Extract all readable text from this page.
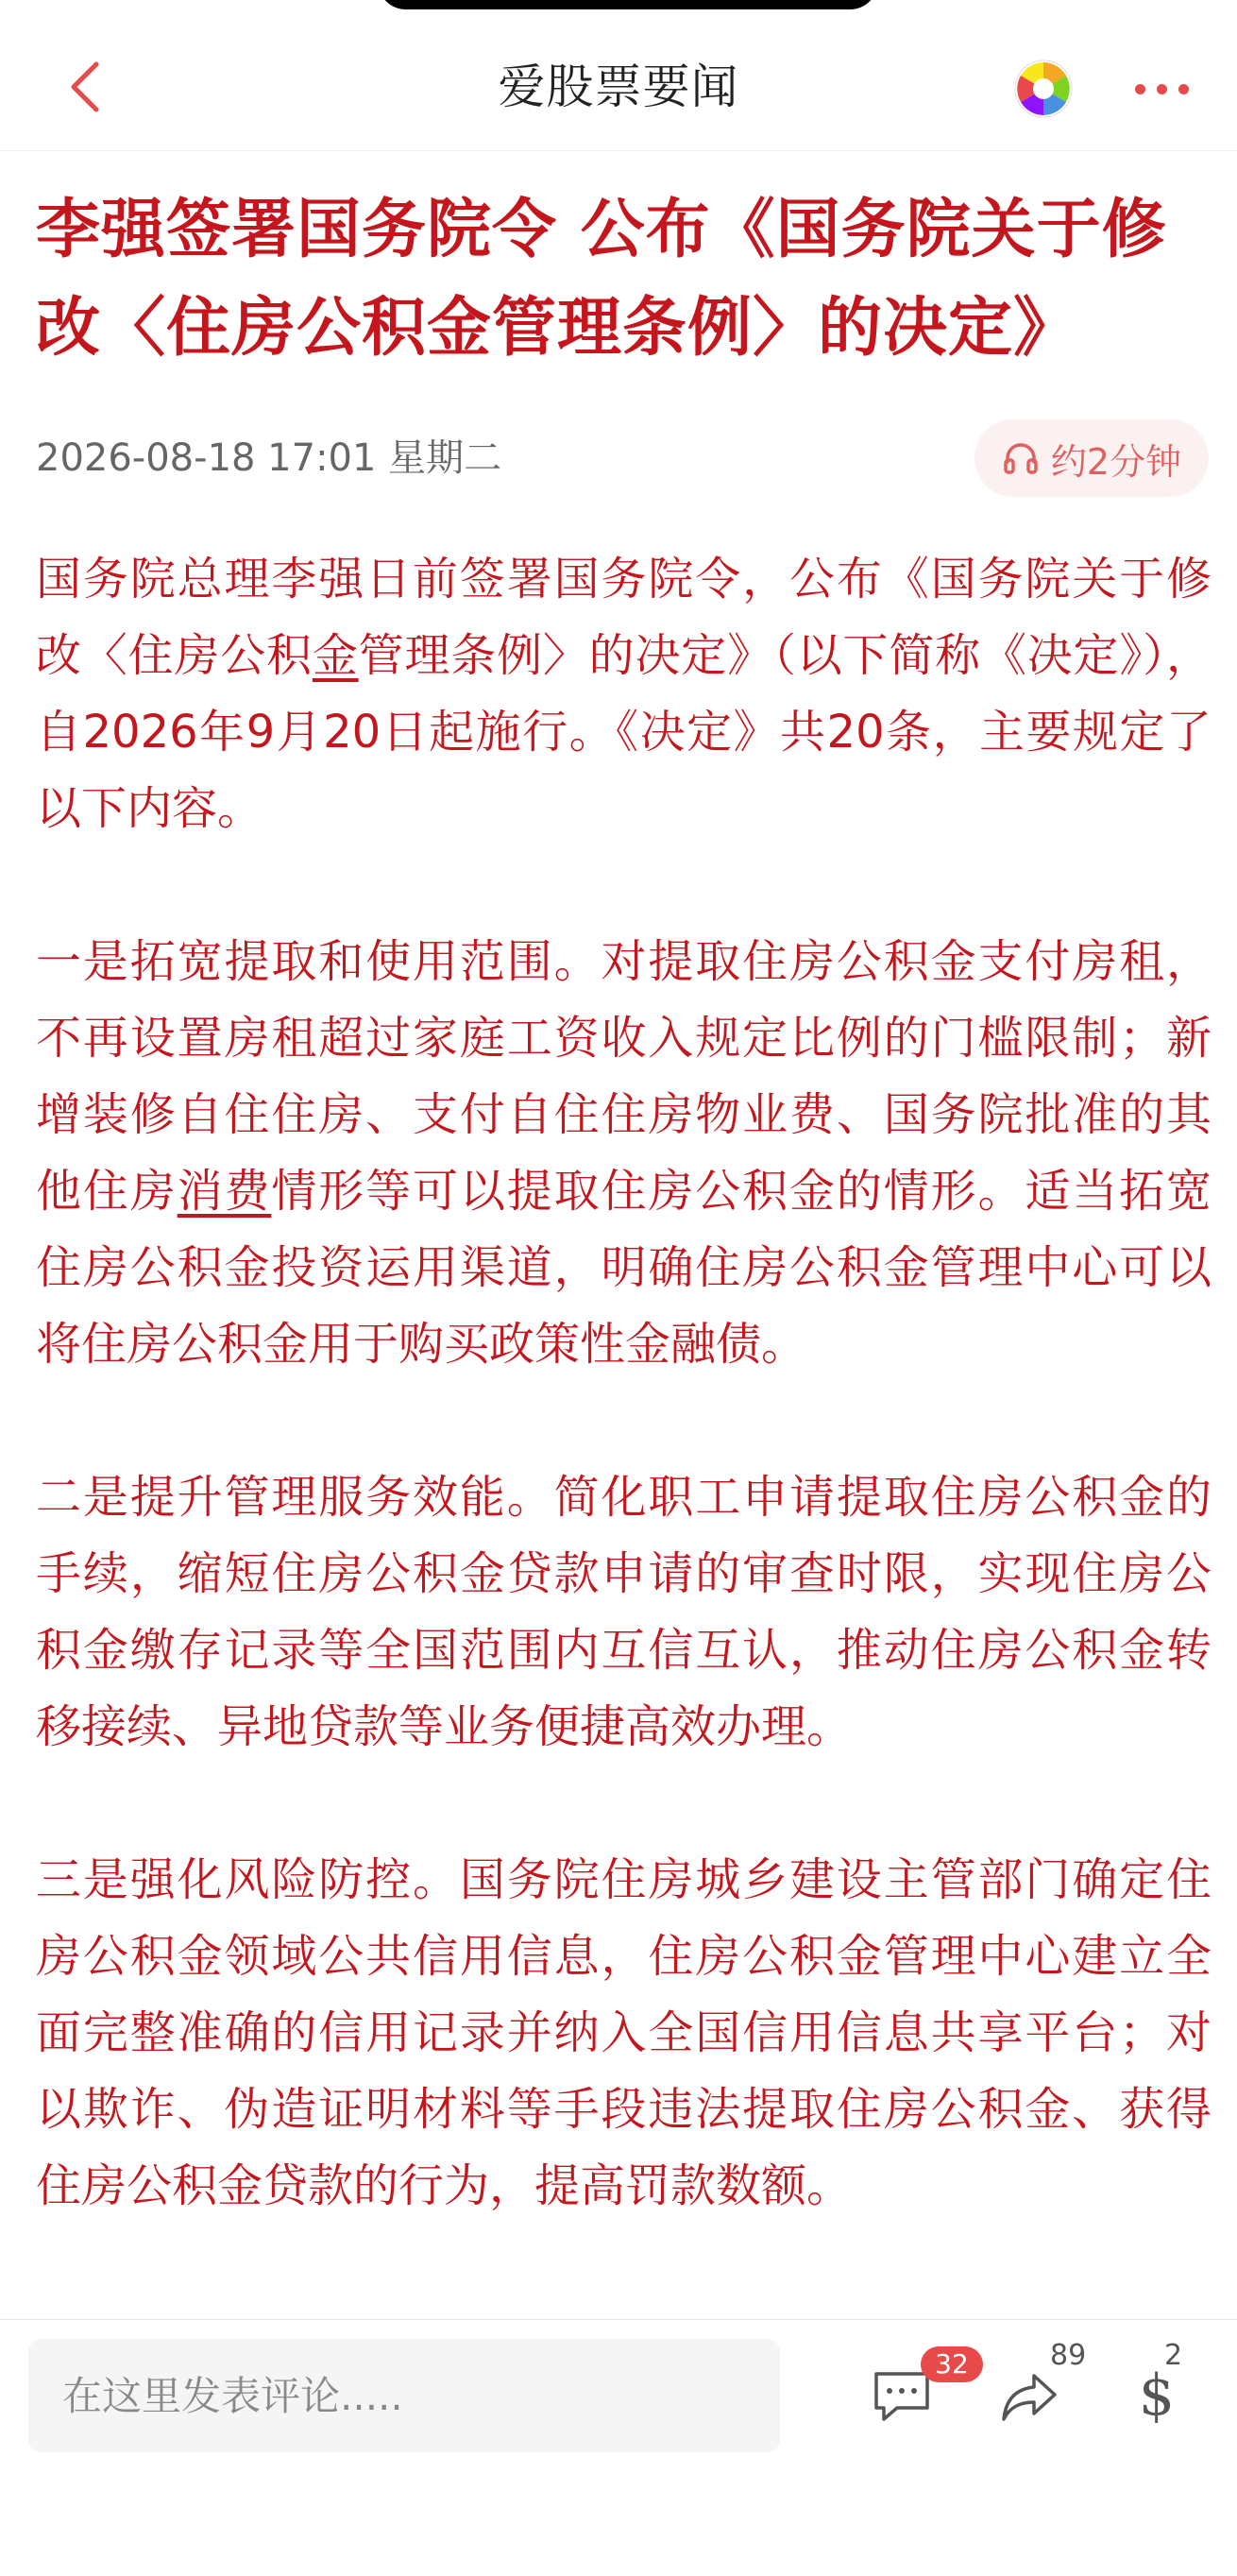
爱股票要闻
李强签署国务院令 公布《国务院关于修改〈住房公积金管理条例〉的决定》
2026-08-18 17:01 星期二	约2分钟

国务院总理李强日前签署国务院令，公布《国务院关于修改〈住房公积金管理条例〉的决定》（以下简称《决定》），自2026年9月20日起施行。《决定》共20条，主要规定了以下内容。

一是拓宽提取和使用范围。对提取住房公积金支付房租，不再设置房租超过家庭工资收入规定比例的门槛限制；新增装修自住住房、支付自住住房物业费、国务院批准的其他住房消费情形等可以提取住房公积金的情形。适当拓宽住房公积金投资运用渠道，明确住房公积金管理中心可以将住房公积金用于购买政策性金融债。

二是提升管理服务效能。简化职工申请提取住房公积金的手续，缩短住房公积金贷款申请的审查时限，实现住房公积金缴存记录等全国范围内互信互认，推动住房公积金转移接续、异地贷款等业务便捷高效办理。

三是强化风险防控。国务院住房城乡建设主管部门确定住房公积金领域公共信用信息，住房公积金管理中心建立全面完整准确的信用记录并纳入全国信用信息共享平台；对以欺诈、伪造证明材料等手段违法提取住房公积金、获得住房公积金贷款的行为，提高罚款数额。

在这里发表评论.....
32	89
$
2
